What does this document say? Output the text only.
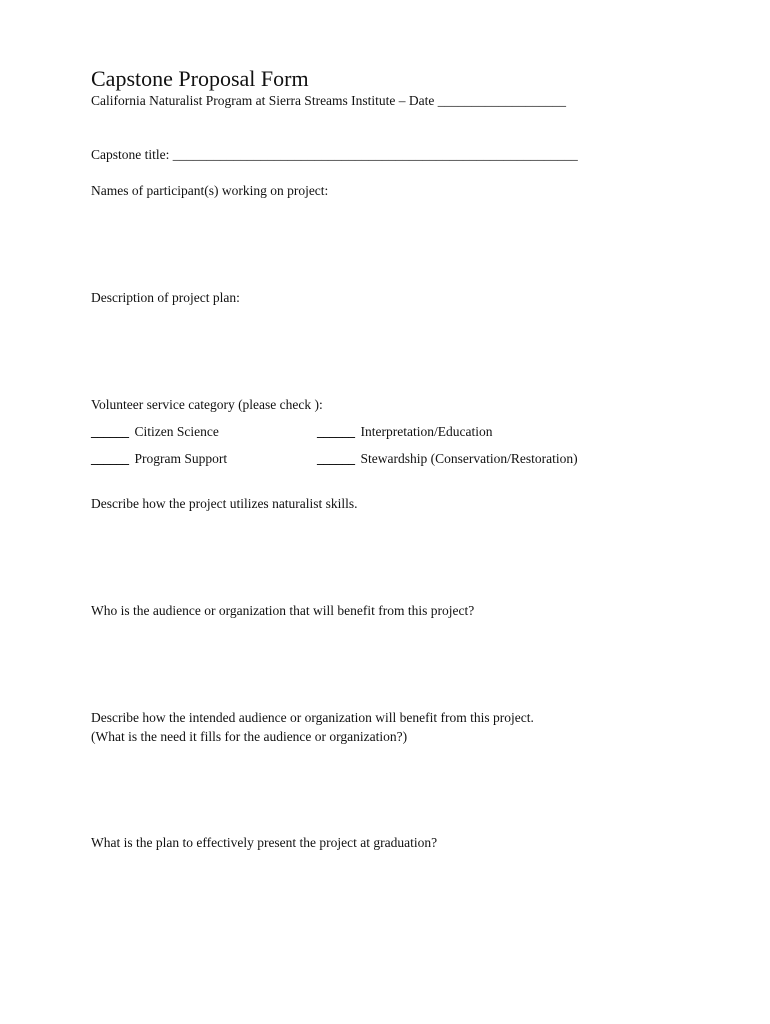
Capstone Proposal Form
California Naturalist Program at Sierra Streams Institute – Date ___________________
Capstone title: ____________________________________________________________
Names of participant(s) working on project:
Description of project plan:
Volunteer service category (please check ):
______ Citizen Science	______ Interpretation/Education
______ Program Support	______ Stewardship (Conservation/Restoration)
Describe how the project utilizes naturalist skills.
Who is the audience or organization that will benefit from this project?
Describe how the intended audience or organization will benefit from this project.
(What is the need it fills for the audience or organization?)
What is the plan to effectively present the project at graduation?
